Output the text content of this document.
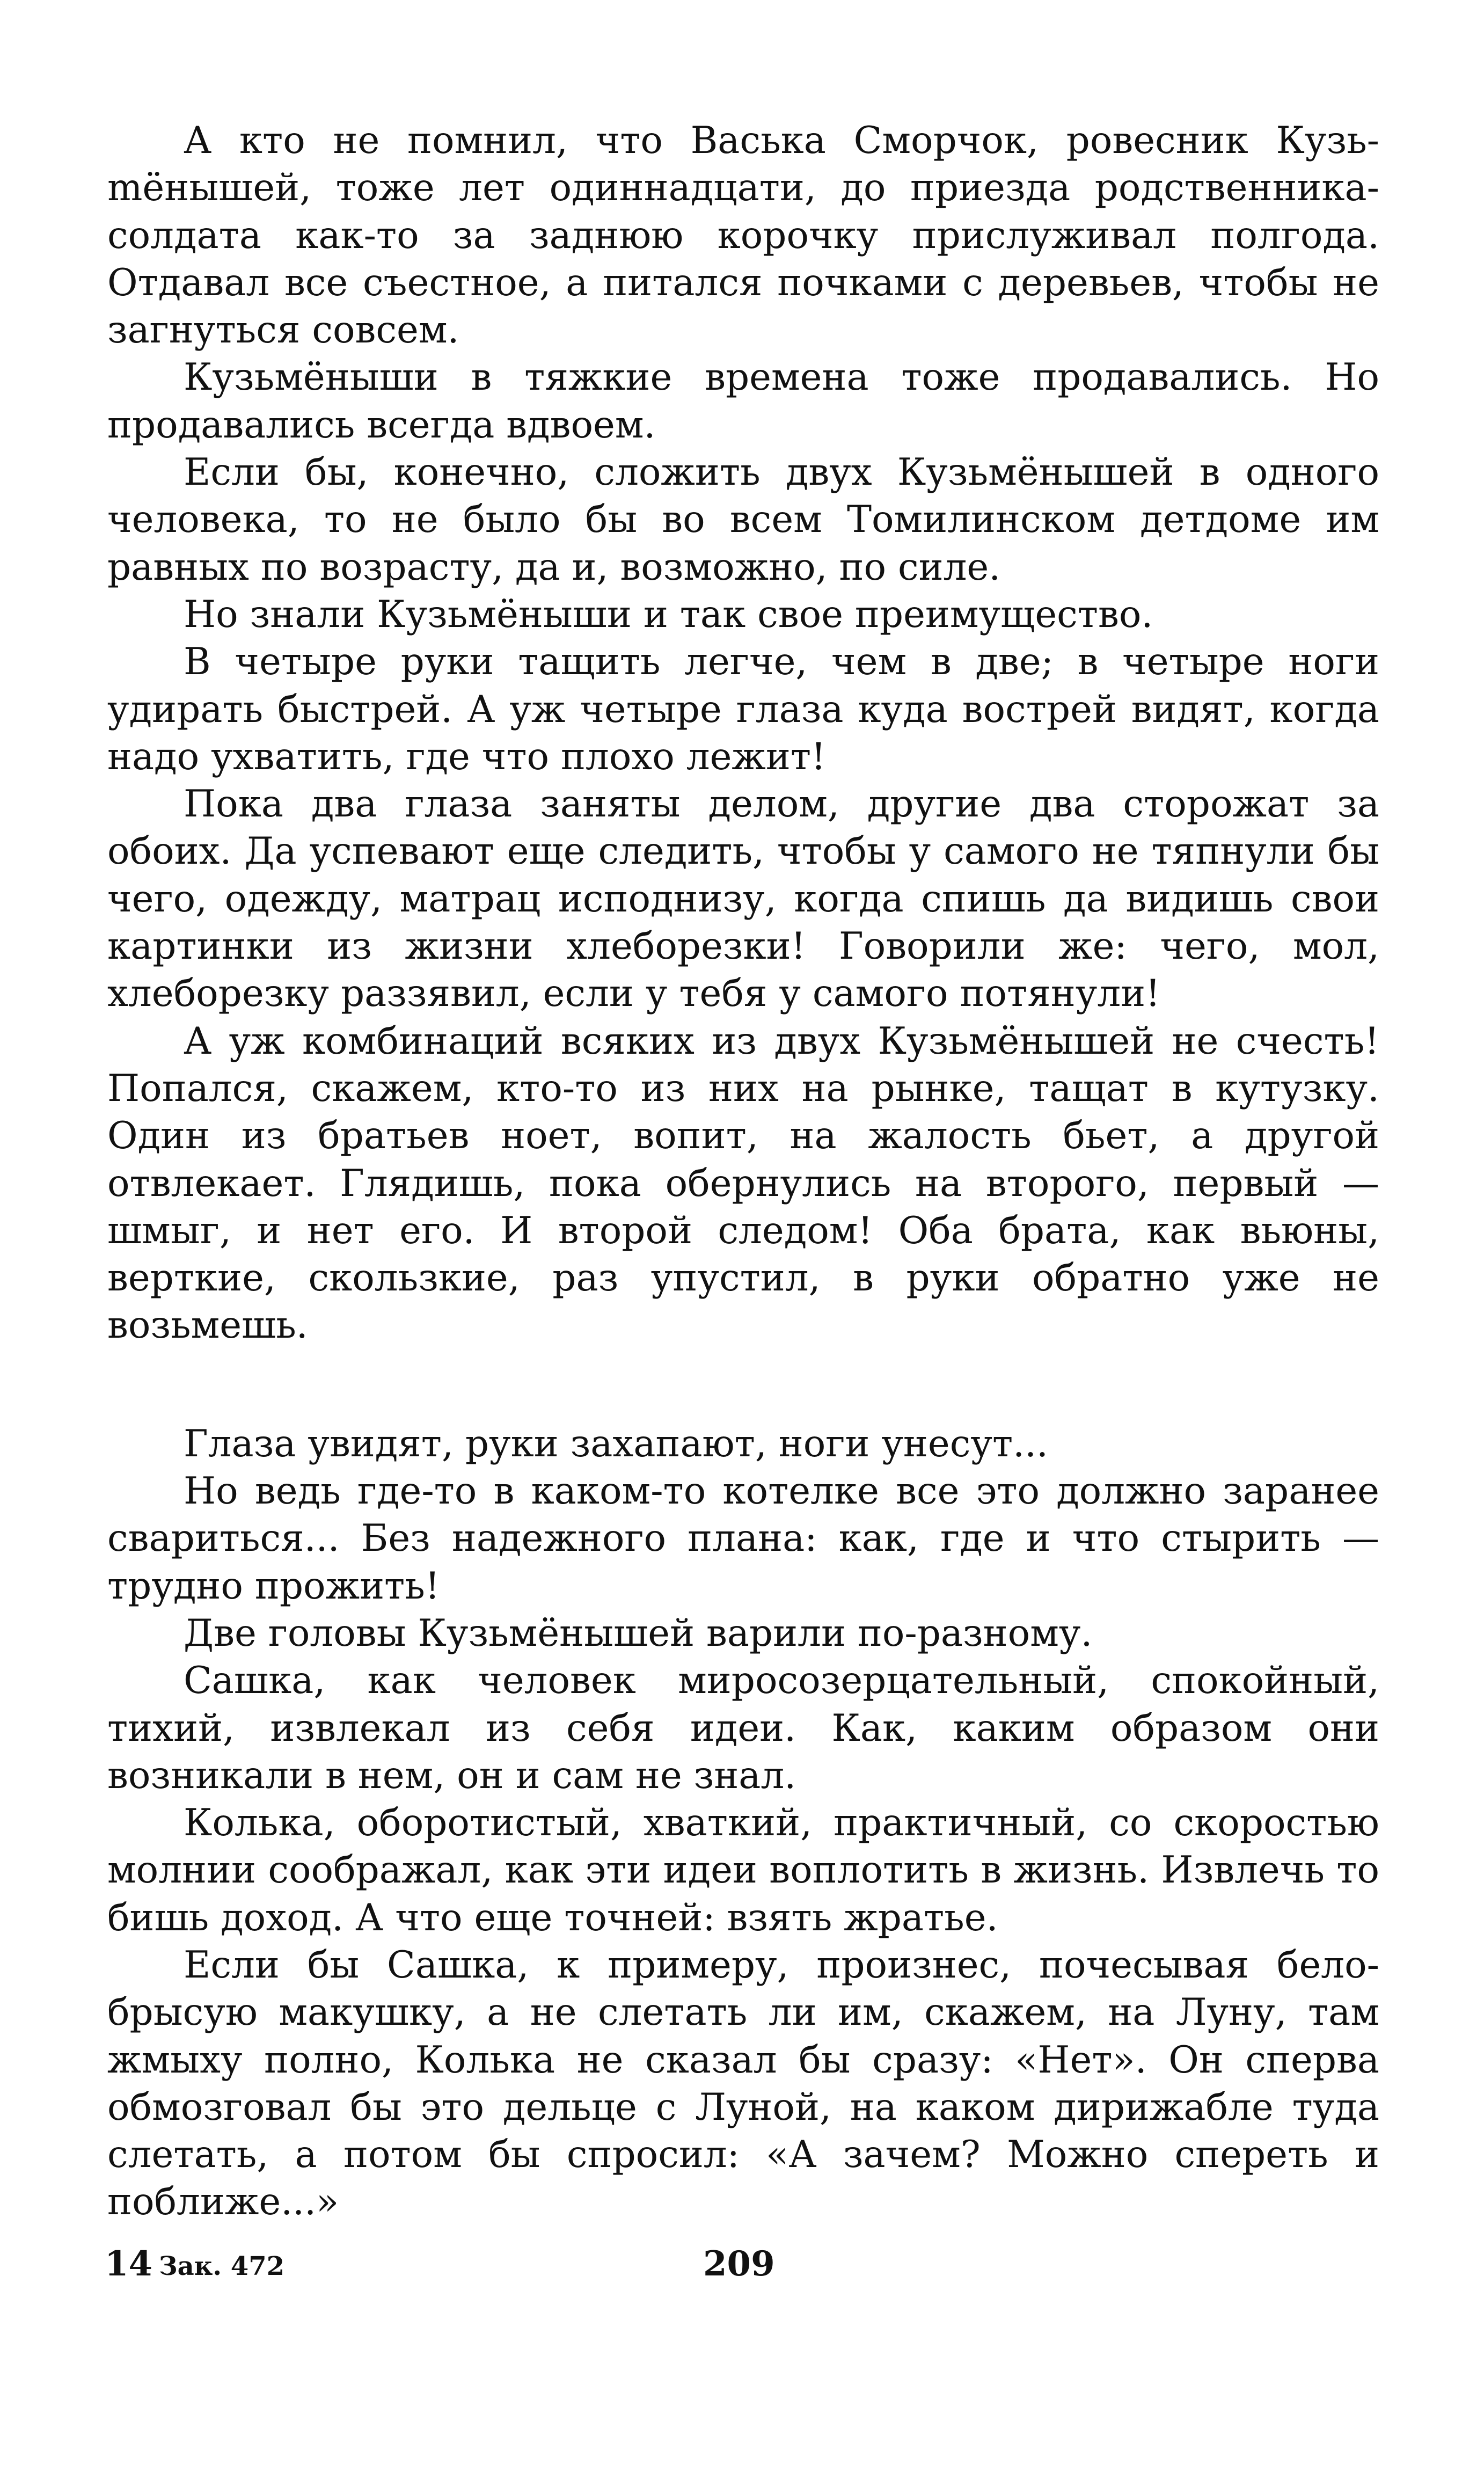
А кто не помнил, что Васька Сморчок, ровесник Кузьmёнышей, тоже лет одиннадцати, до приезда родственника-солдата как-то за заднюю корочку прислуживал полгода. Отдавал все съестное, а питался почками с деревьев, чтобы не загнуться совсем.

Кузьмёныши в тяжкие времена тоже продавались. Но продавались всегда вдвоем.

Если бы, конечно, сложить двух Кузьмёнышей в одного человека, то не было бы во всем Томилинском детдоме им равных по возрасту, да и, возможно, по силе.

Но знали Кузьмёныши и так свое преимущество.

В четыре руки тащить легче, чем в две; в четыре ноги удирать быстрей. А уж четыре глаза куда вострей видят, когда надо ухватить, где что плохо лежит!

Пока два глаза заняты делом, другие два сторожат за обоих. Да успевают еще следить, чтобы у самого не тяпнули бы чего, одежду, матрац исподнизу, когда спишь да видишь свои картинки из жизни хлеборезки! Говорили же: чего, мол, хлеборезку раззявил, если у тебя у самого потянули!

А уж комбинаций всяких из двух Кузьмёнышей не счесть! Попался, скажем, кто-то из них на рынке, тащат в кутузку. Один из братьев ноет, вопит, на жалость бьет, а другой отвлекает. Глядишь, пока обернулись на второго, первый — шмыг, и нет его. И второй следом! Оба брата, как вьюны, верткие, скользкие, раз упустил, в руки обратно уже не возьмешь.

Глаза увидят, руки захапают, ноги унесут...

Но ведь где-то в каком-то котелке все это должно заранее свариться... Без надежного плана: как, где и что стырить — трудно прожить!

Две головы Кузьмёнышей варили по-разному.

Сашка, как человек миросозерцательный, спокойный, тихий, извлекал из себя идеи. Как, каким образом они возникали в нем, он и сам не знал.

Колька, оборотистый, хваткий, практичный, со скоростью молнии соображал, как эти идеи воплотить в жизнь. Извлечь то бишь доход. А что еще точней: взять жратье.

Если бы Сашка, к примеру, произнес, почесывая белобрысую макушку, а не слетать ли им, скажем, на Луну, там жмыху полно, Колька не сказал бы сразу: «Нет». Он сперва обмозговал бы это дельце с Луной, на каком дирижабле туда слетать, а потом бы спросил: «А зачем? Можно спереть и поближе...»

14 Зак. 472	209
